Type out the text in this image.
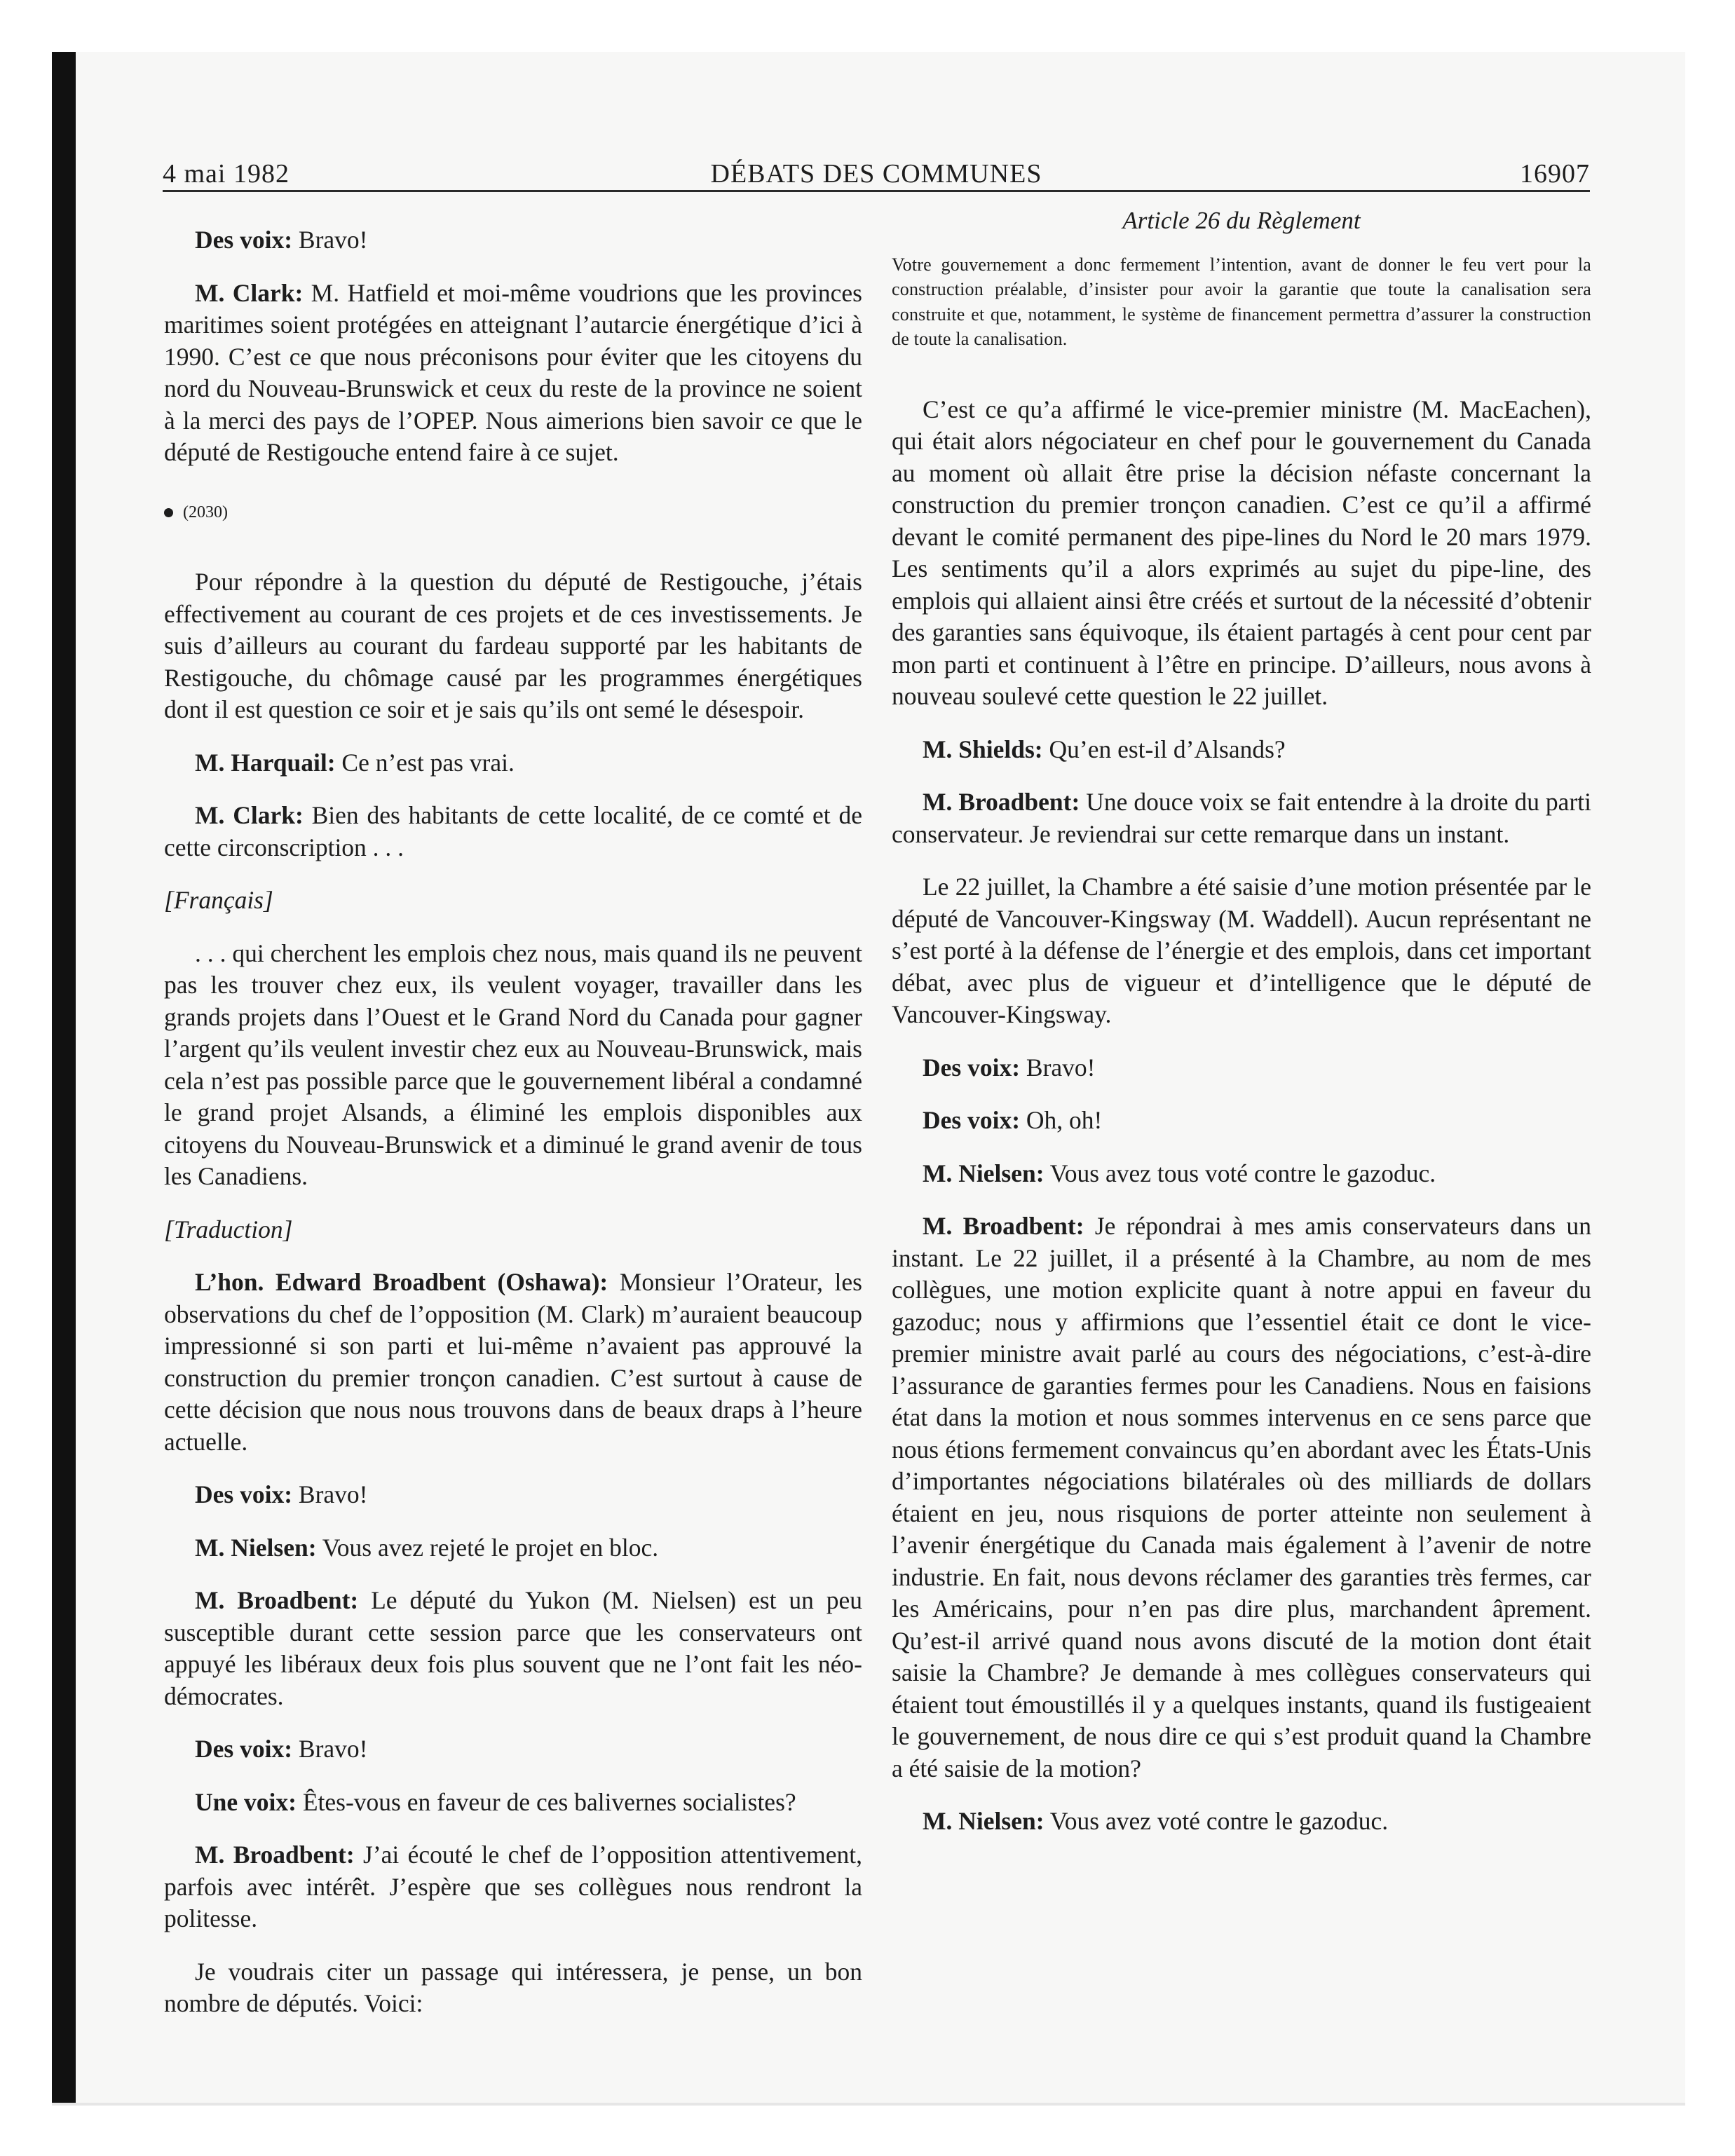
4 mai 1982	DÉBATS DES COMMUNES	16907

Des voix: Bravo!

M. Clark: M. Hatfield et moi-même voudrions que les provinces maritimes soient protégées en atteignant l’autarcie énergétique d’ici à 1990. C’est ce que nous préconisons pour éviter que les citoyens du nord du Nouveau-Brunswick et ceux du reste de la province ne soient à la merci des pays de l’OPEP. Nous aimerions bien savoir ce que le député de Restigouche entend faire à ce sujet.

(2030)

Pour répondre à la question du député de Restigouche, j’étais effectivement au courant de ces projets et de ces investissements. Je suis d’ailleurs au courant du fardeau supporté par les habitants de Restigouche, du chômage causé par les programmes énergétiques dont il est question ce soir et je sais qu’ils ont semé le désespoir.

M. Harquail: Ce n’est pas vrai.

M. Clark: Bien des habitants de cette localité, de ce comté et de cette circonscription . . .

[Français]

. . . qui cherchent les emplois chez nous, mais quand ils ne peuvent pas les trouver chez eux, ils veulent voyager, travailler dans les grands projets dans l’Ouest et le Grand Nord du Canada pour gagner l’argent qu’ils veulent investir chez eux au Nouveau-Brunswick, mais cela n’est pas possible parce que le gouvernement libéral a condamné le grand projet Alsands, a éliminé les emplois disponibles aux citoyens du Nouveau-Brunswick et a diminué le grand avenir de tous les Canadiens.

[Traduction]

L’hon. Edward Broadbent (Oshawa): Monsieur l’Orateur, les observations du chef de l’opposition (M. Clark) m’auraient beaucoup impressionné si son parti et lui-même n’avaient pas approuvé la construction du premier tronçon canadien. C’est surtout à cause de cette décision que nous nous trouvons dans de beaux draps à l’heure actuelle.

Des voix: Bravo!

M. Nielsen: Vous avez rejeté le projet en bloc.

M. Broadbent: Le député du Yukon (M. Nielsen) est un peu susceptible durant cette session parce que les conservateurs ont appuyé les libéraux deux fois plus souvent que ne l’ont fait les néo-démocrates.

Des voix: Bravo!

Une voix: Êtes-vous en faveur de ces balivernes socialistes?

M. Broadbent: J’ai écouté le chef de l’opposition attentivement, parfois avec intérêt. J’espère que ses collègues nous rendront la politesse.

Je voudrais citer un passage qui intéressera, je pense, un bon nombre de députés. Voici:

Article 26 du Règlement
Votre gouvernement a donc fermement l’intention, avant de donner le feu vert pour la construction préalable, d’insister pour avoir la garantie que toute la canalisation sera construite et que, notamment, le système de financement permettra d’assurer la construction de toute la canalisation.

C’est ce qu’a affirmé le vice-premier ministre (M. MacEachen), qui était alors négociateur en chef pour le gouvernement du Canada au moment où allait être prise la décision néfaste concernant la construction du premier tronçon canadien. C’est ce qu’il a affirmé devant le comité permanent des pipe-lines du Nord le 20 mars 1979. Les sentiments qu’il a alors exprimés au sujet du pipe-line, des emplois qui allaient ainsi être créés et surtout de la nécessité d’obtenir des garanties sans équivoque, ils étaient partagés à cent pour cent par mon parti et continuent à l’être en principe. D’ailleurs, nous avons à nouveau soulevé cette question le 22 juillet.

M. Shields: Qu’en est-il d’Alsands?

M. Broadbent: Une douce voix se fait entendre à la droite du parti conservateur. Je reviendrai sur cette remarque dans un instant.

Le 22 juillet, la Chambre a été saisie d’une motion présentée par le député de Vancouver-Kingsway (M. Waddell). Aucun représentant ne s’est porté à la défense de l’énergie et des emplois, dans cet important débat, avec plus de vigueur et d’intelligence que le député de Vancouver-Kingsway.

Des voix: Bravo!

Des voix: Oh, oh!

M. Nielsen: Vous avez tous voté contre le gazoduc.

M. Broadbent: Je répondrai à mes amis conservateurs dans un instant. Le 22 juillet, il a présenté à la Chambre, au nom de mes collègues, une motion explicite quant à notre appui en faveur du gazoduc; nous y affirmions que l’essentiel était ce dont le vice-premier ministre avait parlé au cours des négociations, c’est-à-dire l’assurance de garanties fermes pour les Canadiens. Nous en faisions état dans la motion et nous sommes intervenus en ce sens parce que nous étions fermement convaincus qu’en abordant avec les États-Unis d’importantes négociations bilatérales où des milliards de dollars étaient en jeu, nous risquions de porter atteinte non seulement à l’avenir énergétique du Canada mais également à l’avenir de notre industrie. En fait, nous devons réclamer des garanties très fermes, car les Américains, pour n’en pas dire plus, marchandent âprement. Qu’est-il arrivé quand nous avons discuté de la motion dont était saisie la Chambre? Je demande à mes collègues conservateurs qui étaient tout émoustillés il y a quelques instants, quand ils fustigeaient le gouvernement, de nous dire ce qui s’est produit quand la Chambre a été saisie de la motion?

M. Nielsen: Vous avez voté contre le gazoduc.
